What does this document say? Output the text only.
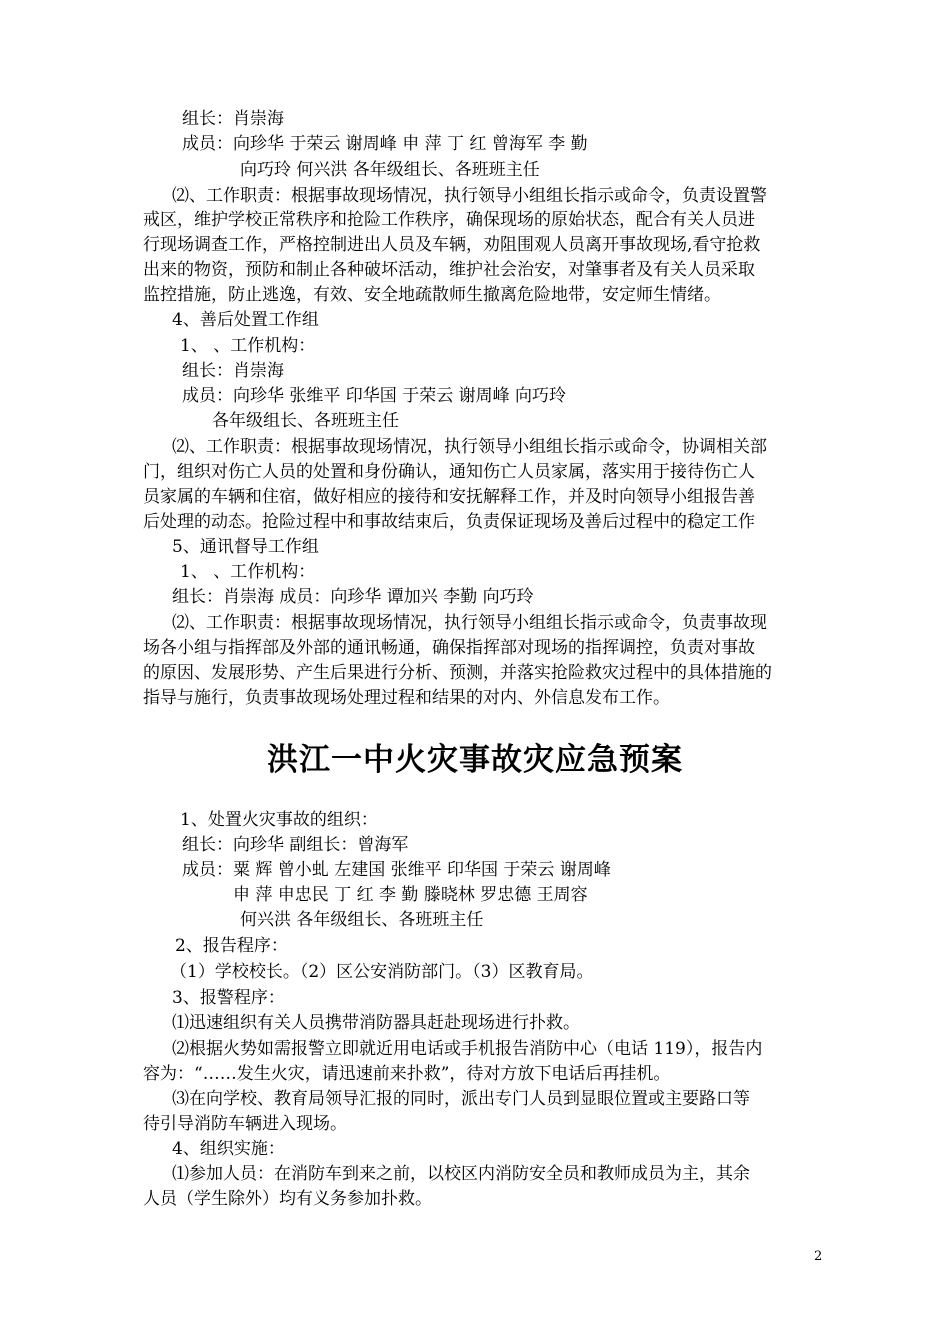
组长：肖崇海
成员：向珍华 于荣云 谢周峰 申 萍 丁 红 曾海军 李 勤
向巧玲 何兴洪 各年级组长、各班班主任
⑵、工作职责：根据事故现场情况，执行领导小组组长指示或命令，负责设置警
戒区，维护学校正常秩序和抢险工作秩序，确保现场的原始状态，配合有关人员进
行现场调查工作，严格控制进出人员及车辆，劝阻围观人员离开事故现场,看守抢救
出来的物资，预防和制止各种破坏活动，维护社会治安，对肇事者及有关人员采取
监控措施，防止逃逸，有效、安全地疏散师生撤离危险地带，安定师生情绪。
4、善后处置工作组
1、 、工作机构：
组长：肖崇海
成员：向珍华 张维平 印华国 于荣云 谢周峰 向巧玲
各年级组长、各班班主任
⑵、工作职责：根据事故现场情况，执行领导小组组长指示或命令，协调相关部
门，组织对伤亡人员的处置和身份确认，通知伤亡人员家属，落实用于接待伤亡人
员家属的车辆和住宿，做好相应的接待和安抚解释工作，并及时向领导小组报告善
后处理的动态。抢险过程中和事故结束后，负责保证现场及善后过程中的稳定工作
5、通讯督导工作组
1、 、工作机构：
组长：肖崇海 成员：向珍华 谭加兴 李勤 向巧玲
⑵、工作职责：根据事故现场情况，执行领导小组组长指示或命令，负责事故现
场各小组与指挥部及外部的通讯畅通，确保指挥部对现场的指挥调控，负责对事故
的原因、发展形势、产生后果进行分析、预测，并落实抢险救灾过程中的具体措施的
指导与施行，负责事故现场处理过程和结果的对内、外信息发布工作。
洪江一中火灾事故灾应急预案
1、处置火灾事故的组织：
组长：向珍华 副组长：曾海军
成员：粟 辉 曾小虬 左建国 张维平 印华国 于荣云 谢周峰
申 萍 申忠民 丁 红 李 勤 滕晓林 罗忠德 王周容
何兴洪 各年级组长、各班班主任
2、报告程序：
（1）学校校长。（2）区公安消防部门。（3）区教育局。
3、报警程序：
⑴迅速组织有关人员携带消防器具赶赴现场进行扑救。
⑵根据火势如需报警立即就近用电话或手机报告消防中心（电话 119），报告内
容为：“……发生火灾，请迅速前来扑救”，待对方放下电话后再挂机。
⑶在向学校、教育局领导汇报的同时，派出专门人员到显眼位置或主要路口等
待引导消防车辆进入现场。
4、组织实施：
⑴参加人员：在消防车到来之前，以校区内消防安全员和教师成员为主，其余
人员（学生除外）均有义务参加扑救。
2
